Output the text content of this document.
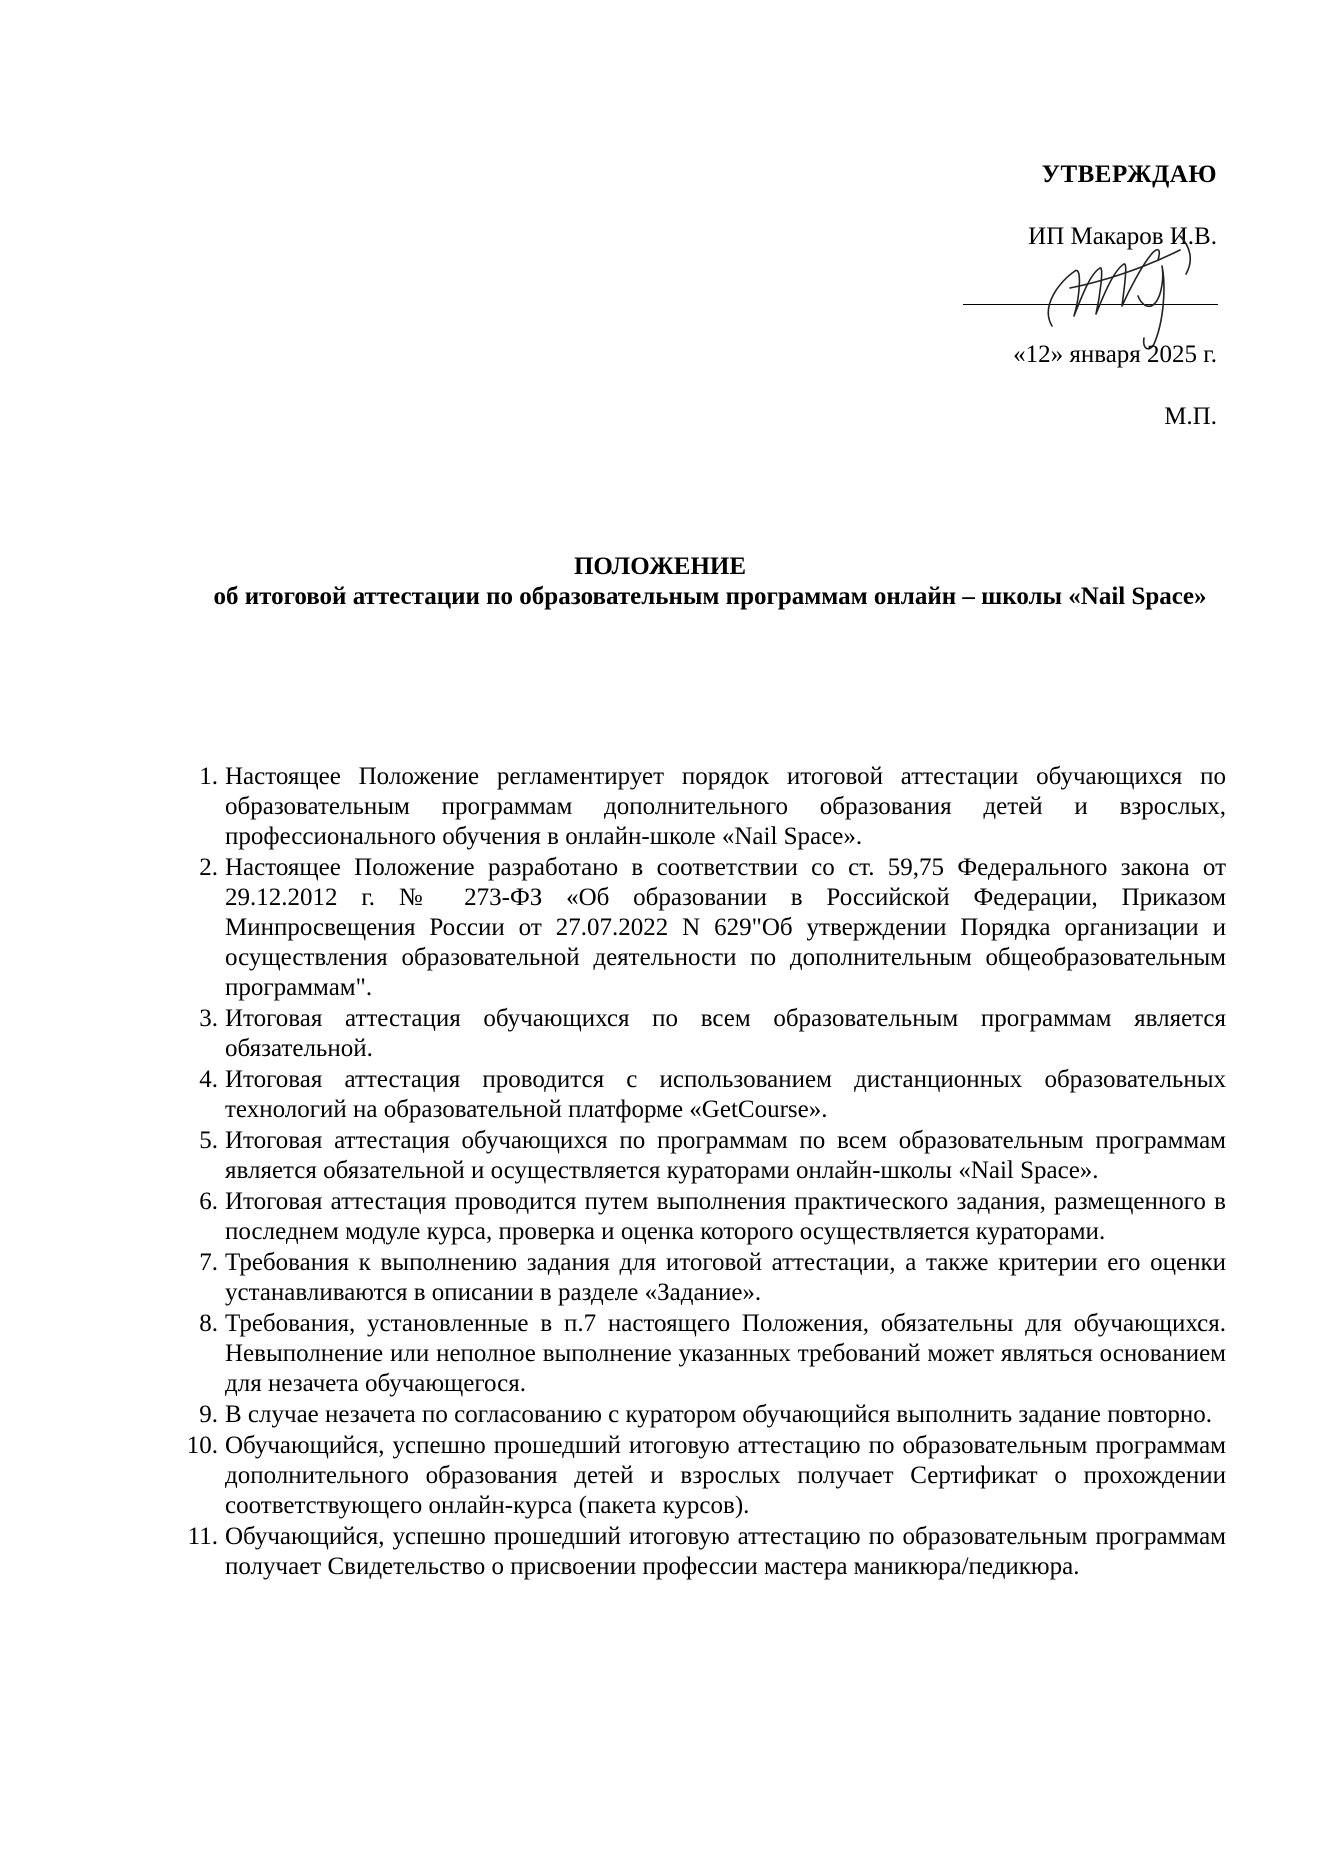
УТВЕРЖДАЮ
ИП Макаров И.В.
«12» января 2025 г.
М.П.
ПОЛОЖЕНИЕ
об итоговой аттестации по образовательным программам онлайн – школы «Nail Space»
1. Настоящее Положение регламентирует порядок итоговой аттестации обучающихся по образовательным программам дополнительного образования детей и взрослых, профессионального обучения в онлайн-школе «Nail Space».
2. Настоящее Положение разработано в соответствии со ст. 59,75 Федерального закона от 29.12.2012 г. № 273-ФЗ «Об образовании в Российской Федерации, Приказом Минпросвещения России от 27.07.2022 N 629"Об утверждении Порядка организации и осуществления образовательной деятельности по дополнительным общеобразовательным программам".
3. Итоговая аттестация обучающихся по всем образовательным программам является обязательной.
4. Итоговая аттестация проводится с использованием дистанционных образовательных технологий на образовательной платформе «GetCourse».
5. Итоговая аттестация обучающихся по программам по всем образовательным программам является обязательной и осуществляется кураторами онлайн-школы «Nail Space».
6. Итоговая аттестация проводится путем выполнения практического задания, размещенного в последнем модуле курса, проверка и оценка которого осуществляется кураторами.
7. Требования к выполнению задания для итоговой аттестации, а также критерии его оценки устанавливаются в описании в разделе «Задание».
8. Требования, установленные в п.7 настоящего Положения, обязательны для обучающихся. Невыполнение или неполное выполнение указанных требований может являться основанием для незачета обучающегося.
9. В случае незачета по согласованию с куратором обучающийся выполнить задание повторно.
10. Обучающийся, успешно прошедший итоговую аттестацию по образовательным программам дополнительного образования детей и взрослых получает Сертификат о прохождении соответствующего онлайн-курса (пакета курсов).
11. Обучающийся, успешно прошедший итоговую аттестацию по образовательным программам получает Свидетельство о присвоении профессии мастера маникюра/педикюра.
